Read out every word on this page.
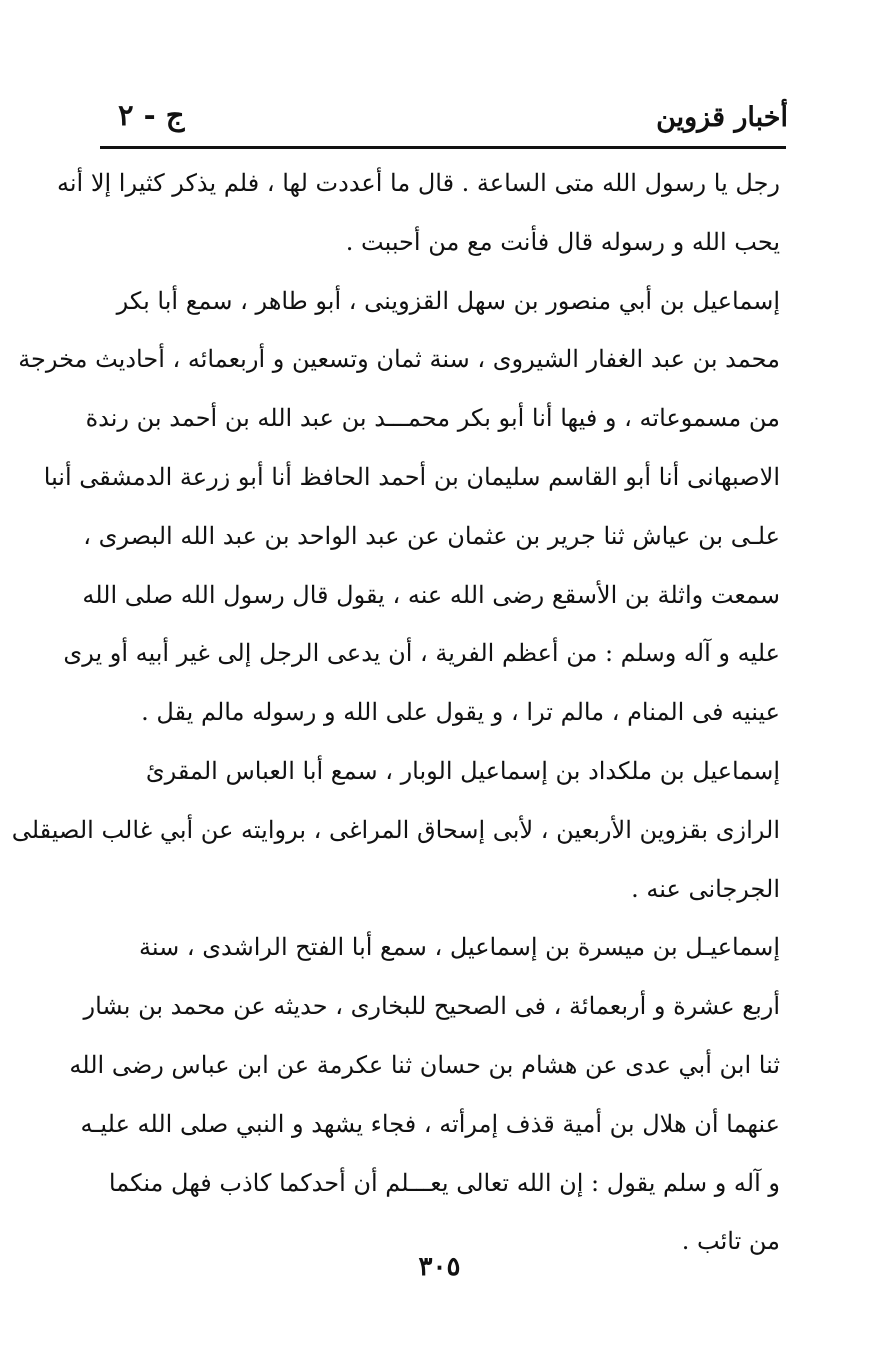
أخبار قزوين
ج - ٢
رجل يا رسول الله متى الساعة . قال ما أعددت لها ، فلم يذكر كثيرا إلا أنه
يحب الله و رسوله قال فأنت مع من أحببت .
إسماعيل بن أبي منصور بن سهل القزوينى ، أبو طاهر ، سمع أبا بكر
محمد بن عبد الغفار الشيروى ، سنة ثمان وتسعين و أربعمائه ، أحاديث مخرجة
من مسموعاته ، و فيها أنا أبو بكر محمـــد بن عبد الله بن أحمد بن رندة
الاصبهانى أنا أبو القاسم سليمان بن أحمد الحافظ أنا أبو زرعة الدمشقى أنبا
علـى بن عياش ثنا جرير بن عثمان عن عبد الواحد بن عبد الله البصرى ،
سمعت واثلة بن الأسقع رضى الله عنه ، يقول قال رسول الله صلى الله
عليه و آله وسلم : من أعظم الفرية ، أن يدعى الرجل إلى غير أبيه أو يرى
عينيه فى المنام ، مالم ترا ، و يقول على الله و رسوله مالم يقل .
إسماعيل بن ملكداد بن إسماعيل الوبار ، سمع أبا العباس المقرئ
الرازى بقزوين الأربعين ، لأبى إسحاق المراغى ، بروايته عن أبي غالب الصيقلى
الجرجانى عنه .
إسماعيـل بن ميسرة بن إسماعيل ، سمع أبا الفتح الراشدى ، سنة
أربع عشرة و أربعمائة ، فى الصحيح للبخارى ، حديثه عن محمد بن بشار
ثنا ابن أبي عدى عن هشام بن حسان ثنا عكرمة عن ابن عباس رضى الله
عنهما أن هلال بن أمية قذف إمرأته ، فجاء يشهد و النبي صلى الله عليـه
و آله و سلم يقول : إن الله تعالى يعـــلم أن أحدكما كاذب فهل منكما
من تائب .
٣٠٥
